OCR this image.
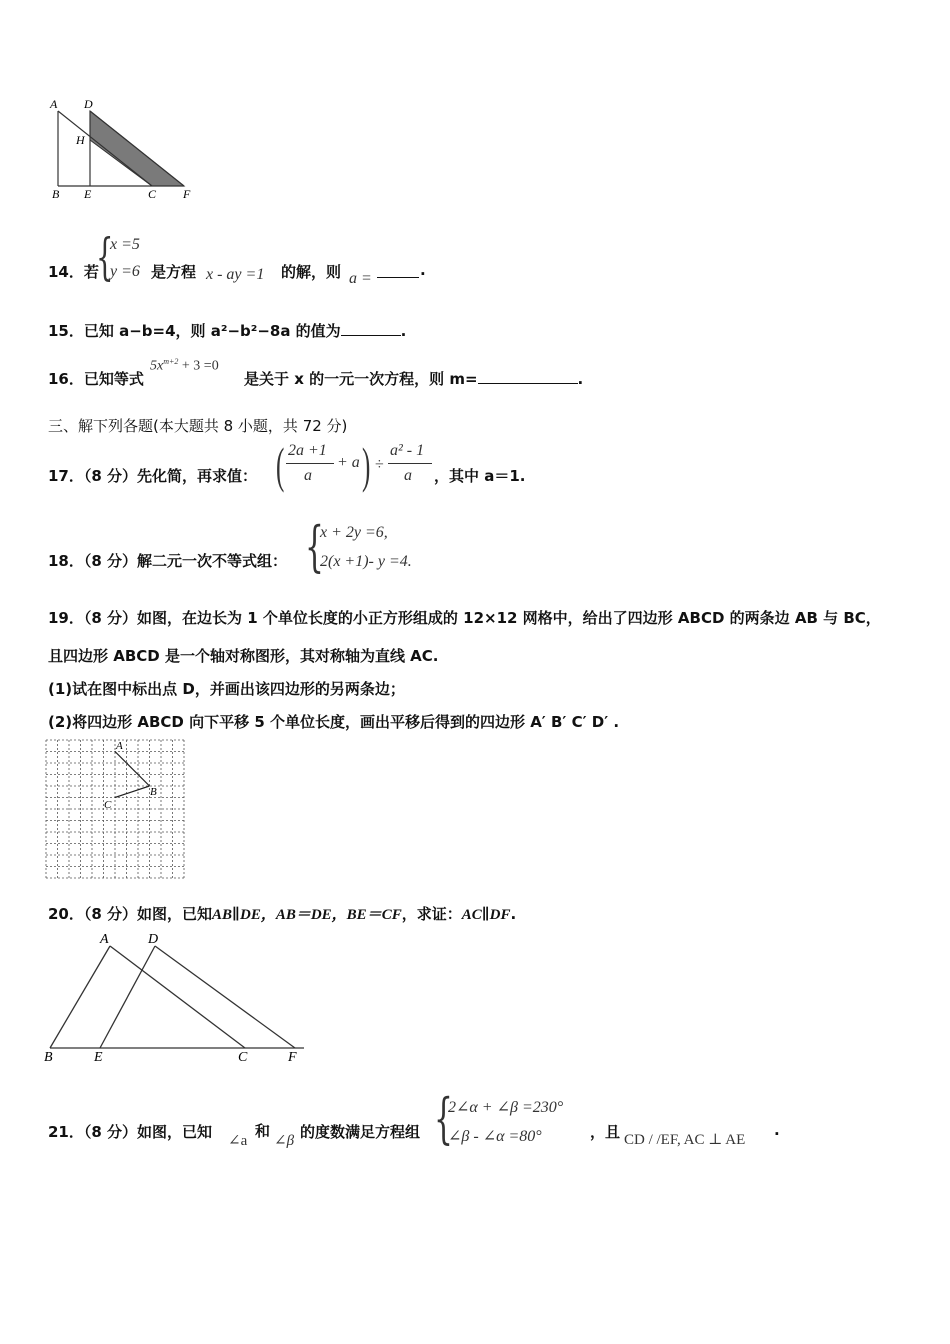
A D
H
B E	C F
14．若
{
x =5
y =6 是方程 x - ay =1 的解，则 a =	.
15．已知 a−b=4，则 a²−b²−8a 的值为	.
16．已知等式
$5x^{m+2} + 3 =0$
是关于 x 的一元一次方程，则 m=	.
三、解下列各题(本大题共 8 小题，共 72 分)
17．（8 分）先化简，再求值： ( 2a +1
a
+ a ) ÷
a² - 1
a ，其中 a＝1.
18．（8 分）解二元一次不等式组： {
x + 2y =6,
2(x +1)- y =4.
19．（8 分）如图，在边长为 1 个单位长度的小正方形组成的 12×12 网格中，给出了四边形 ABCD 的两条边 AB 与 BC，
且四边形 ABCD 是一个轴对称图形，其对称轴为直线 AC.
(1)试在图中标出点 D，并画出该四边形的另两条边；
(2)将四边形 ABCD 向下平移 5 个单位长度，画出平移后得到的四边形 A′ B′ C′ D′ .
A
B
C
20．（8 分）如图，已知AB∥DE，AB＝DE，BE＝CF，求证：AC∥DF.
A	D
B	E	C	F
21．（8 分）如图，已知 ∠a
和
∠β 的度数满足方程组 {
2∠α + ∠β =230°
∠β - ∠α =80°	，且 CD / /EF, AC ⊥ AE
.
